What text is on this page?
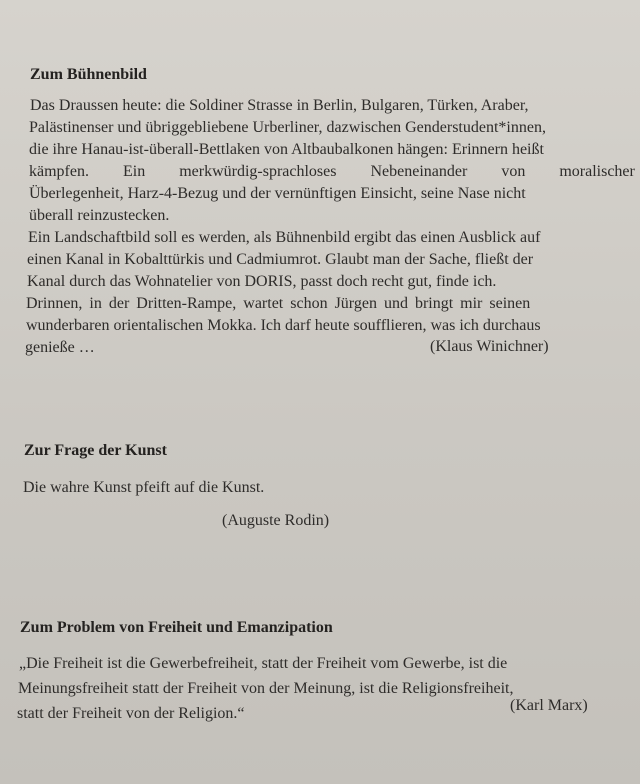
Zum Bühnenbild
Das Draussen heute: die Soldiner Strasse in Berlin, Bulgaren, Türken, Araber,
Palästinenser und übriggebliebene Urberliner, dazwischen Genderstudent*innen,
die ihre Hanau-ist-überall-Bettlaken von Altbaubalkonen hängen: Erinnern heißt
kämpfen. Ein merkwürdig-sprachloses Nebeneinander von moralischer
Überlegenheit, Harz-4-Bezug und der vernünftigen Einsicht, seine Nase nicht
überall reinzustecken.
Ein Landschaftbild soll es werden, als Bühnenbild ergibt das einen Ausblick auf
einen Kanal in Kobalttürkis und Cadmiumrot. Glaubt man der Sache, fließt der
Kanal durch das Wohnatelier von DORIS, passt doch recht gut, finde ich.
Drinnen, in der Dritten-Rampe, wartet schon Jürgen und bringt mir seinen
wunderbaren orientalischen Mokka. Ich darf heute soufflieren, was ich durchaus
genieße …	(Klaus Winichner)
Zur Frage der Kunst
Die wahre Kunst pfeift auf die Kunst.
(Auguste Rodin)
Zum Problem von Freiheit und Emanzipation
„Die Freiheit ist die Gewerbefreiheit, statt der Freiheit vom Gewerbe, ist die
Meinungsfreiheit statt der Freiheit von der Meinung, ist die Religionsfreiheit,
statt der Freiheit von der Religion.“	(Karl Marx)
